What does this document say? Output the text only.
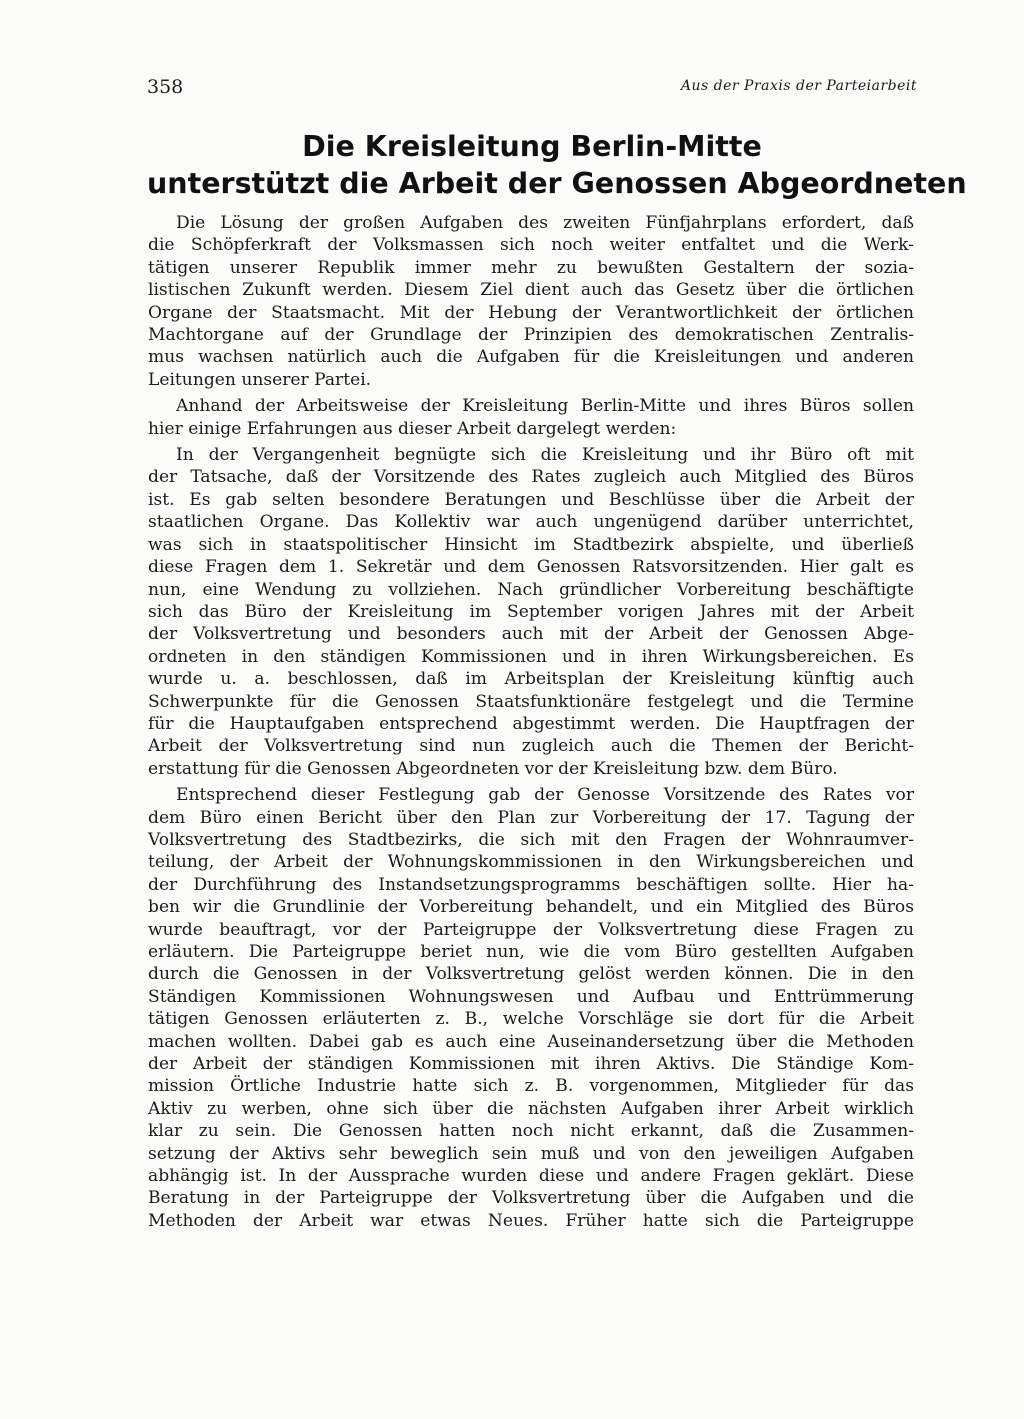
358	Aus der Praxis der Parteiarbeit
Die Kreisleitung Berlin-Mitte
unterstützt die Arbeit der Genossen Abgeordneten
Die Lösung der großen Aufgaben des zweiten Fünfjahrplans erfordert, daß
die Schöpferkraft der Volksmassen sich noch weiter entfaltet und die Werk-
tätigen unserer Republik immer mehr zu bewußten Gestaltern der sozia-
listischen Zukunft werden. Diesem Ziel dient auch das Gesetz über die örtlichen
Organe der Staatsmacht. Mit der Hebung der Verantwortlichkeit der örtlichen
Machtorgane auf der Grundlage der Prinzipien des demokratischen Zentralis-
mus wachsen natürlich auch die Aufgaben für die Kreisleitungen und anderen
Leitungen unserer Partei.
Anhand der Arbeitsweise der Kreisleitung Berlin-Mitte und ihres Büros sollen
hier einige Erfahrungen aus dieser Arbeit dargelegt werden:
In der Vergangenheit begnügte sich die Kreisleitung und ihr Büro oft mit
der Tatsache, daß der Vorsitzende des Rates zugleich auch Mitglied des Büros
ist. Es gab selten besondere Beratungen und Beschlüsse über die Arbeit der
staatlichen Organe. Das Kollektiv war auch ungenügend darüber unterrichtet,
was sich in staatspolitischer Hinsicht im Stadtbezirk abspielte, und überließ
diese Fragen dem 1. Sekretär und dem Genossen Ratsvorsitzenden. Hier galt es
nun, eine Wendung zu vollziehen. Nach gründlicher Vorbereitung beschäftigte
sich das Büro der Kreisleitung im September vorigen Jahres mit der Arbeit
der Volksvertretung und besonders auch mit der Arbeit der Genossen Abge-
ordneten in den ständigen Kommissionen und in ihren Wirkungsbereichen. Es
wurde u. a. beschlossen, daß im Arbeitsplan der Kreisleitung künftig auch
Schwerpunkte für die Genossen Staatsfunktionäre festgelegt und die Termine
für die Hauptaufgaben entsprechend abgestimmt werden. Die Hauptfragen der
Arbeit der Volksvertretung sind nun zugleich auch die Themen der Bericht-
erstattung für die Genossen Abgeordneten vor der Kreisleitung bzw. dem Büro.
Entsprechend dieser Festlegung gab der Genosse Vorsitzende des Rates vor
dem Büro einen Bericht über den Plan zur Vorbereitung der 17. Tagung der
Volksvertretung des Stadtbezirks, die sich mit den Fragen der Wohnraumver-
teilung, der Arbeit der Wohnungskommissionen in den Wirkungsbereichen und
der Durchführung des Instandsetzungsprogramms beschäftigen sollte. Hier ha-
ben wir die Grundlinie der Vorbereitung behandelt, und ein Mitglied des Büros
wurde beauftragt, vor der Parteigruppe der Volksvertretung diese Fragen zu
erläutern. Die Parteigruppe beriet nun, wie die vom Büro gestellten Aufgaben
durch die Genossen in der Volksvertretung gelöst werden können. Die in den
Ständigen Kommissionen Wohnungswesen und Aufbau und Enttrümmerung
tätigen Genossen erläuterten z. B., welche Vorschläge sie dort für die Arbeit
machen wollten. Dabei gab es auch eine Auseinandersetzung über die Methoden
der Arbeit der ständigen Kommissionen mit ihren Aktivs. Die Ständige Kom-
mission Örtliche Industrie hatte sich z. B. vorgenommen, Mitglieder für das
Aktiv zu werben, ohne sich über die nächsten Aufgaben ihrer Arbeit wirklich
klar zu sein. Die Genossen hatten noch nicht erkannt, daß die Zusammen-
setzung der Aktivs sehr beweglich sein muß und von den jeweiligen Aufgaben
abhängig ist. In der Aussprache wurden diese und andere Fragen geklärt. Diese
Beratung in der Parteigruppe der Volksvertretung über die Aufgaben und die
Methoden der Arbeit war etwas Neues. Früher hatte sich die Parteigruppe
